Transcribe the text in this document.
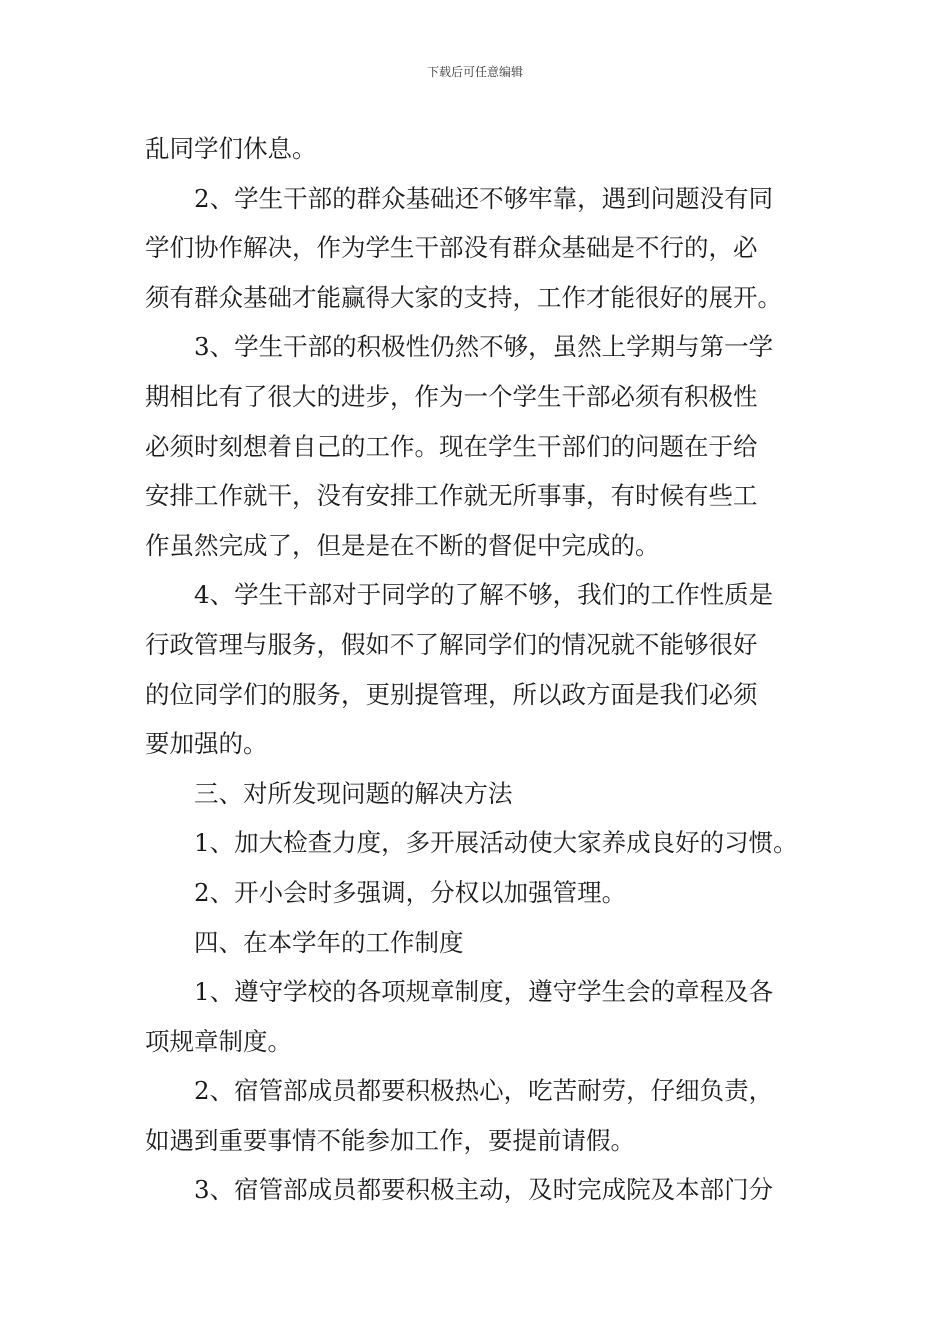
下载后可任意编辑
乱同学们休息。
2、学生干部的群众基础还不够牢靠，遇到问题没有同
学们协作解决，作为学生干部没有群众基础是不行的，必
须有群众基础才能赢得大家的支持，工作才能很好的展开。
3、学生干部的积极性仍然不够，虽然上学期与第一学
期相比有了很大的进步，作为一个学生干部必须有积极性
必须时刻想着自己的工作。现在学生干部们的问题在于给
安排工作就干，没有安排工作就无所事事，有时候有些工
作虽然完成了，但是是在不断的督促中完成的。
4、学生干部对于同学的了解不够，我们的工作性质是
行政管理与服务，假如不了解同学们的情况就不能够很好
的位同学们的服务，更别提管理，所以政方面是我们必须
要加强的。
三、对所发现问题的解决方法
1、加大检查力度，多开展活动使大家养成良好的习惯。
2、开小会时多强调，分权以加强管理。
四、在本学年的工作制度
1、遵守学校的各项规章制度，遵守学生会的章程及各
项规章制度。
2、宿管部成员都要积极热心，吃苦耐劳，仔细负责，
如遇到重要事情不能参加工作，要提前请假。
3、宿管部成员都要积极主动，及时完成院及本部门分
